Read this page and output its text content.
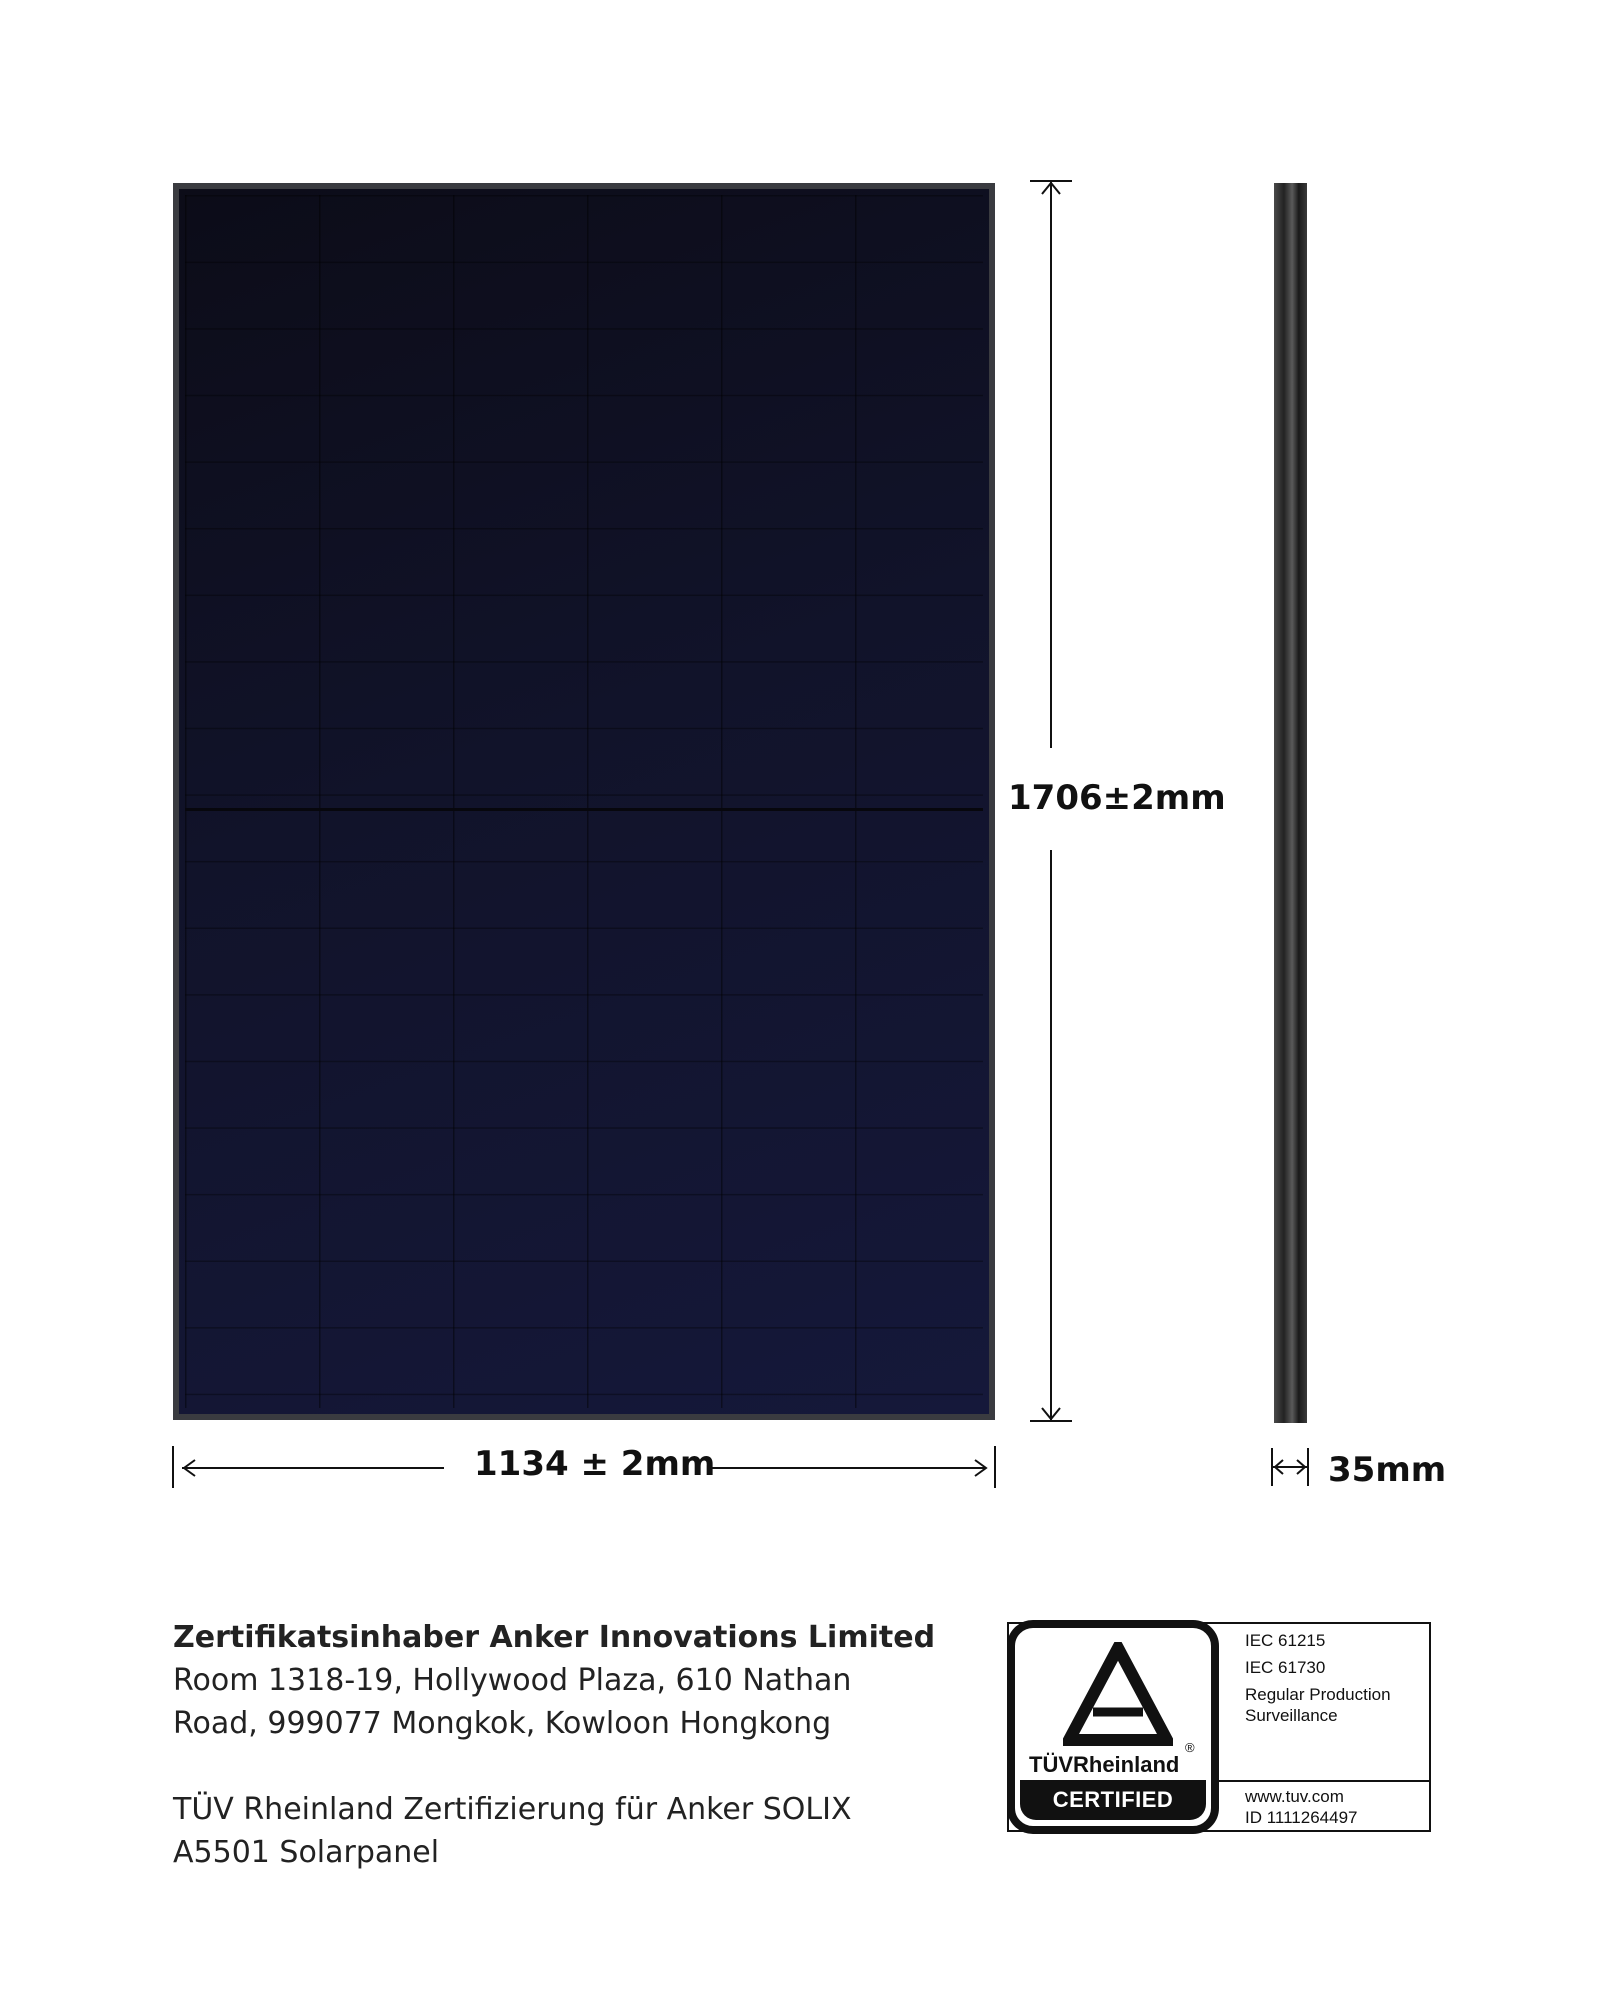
1706±2mm
1134 ± 2mm	35mm
Zertifikatsinhaber Anker Innovations Limited
Room 1318-19, Hollywood Plaza, 610 Nathan
Road, 999077 Mongkok, Kowloon Hongkong
TÜV Rheinland Zertifizierung für Anker SOLIX
A5501 Solarpanel
IEC 61215
IEC 61730
Regular Production
Surveillance
www.tuv.com
ID 1111264497
®
TÜVRheinland
CERTIFIED
